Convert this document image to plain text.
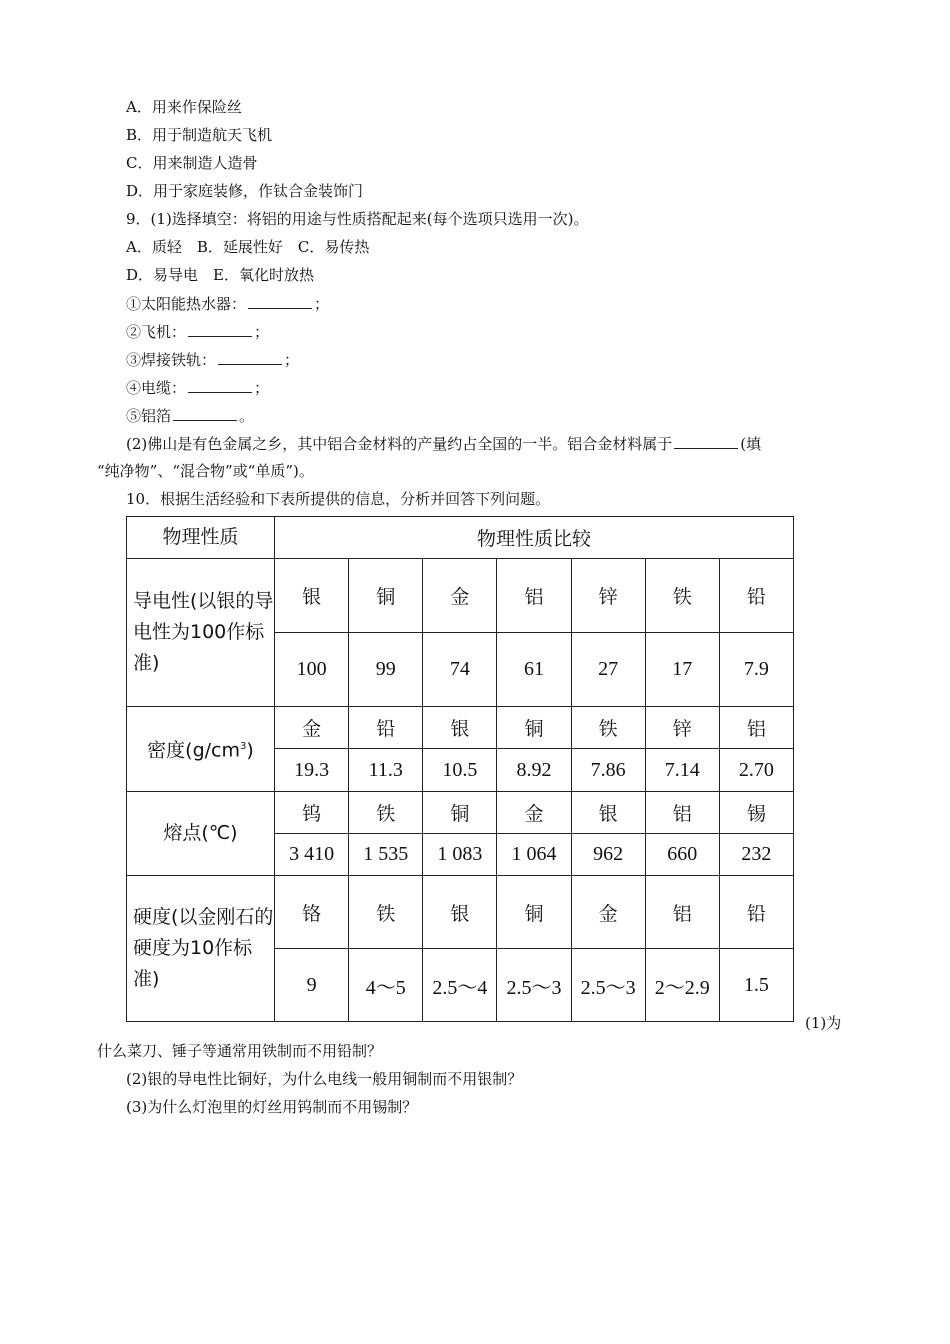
A．用来作保险丝
B．用于制造航天飞机
C．用来制造人造骨
D．用于家庭装修，作钛合金装饰门
9．(1)选择填空：将铝的用途与性质搭配起来(每个选项只选用一次)。
A．质轻　B．延展性好　C．易传热
D．易导电　E．氧化时放热
①太阳能热水器：	；
②飞机：	；
③焊接铁轨：	；
④电缆：	；
⑤铝箔	。
(2)佛山是有色金属之乡，其中铝合金材料的产量约占全国的一半。铝合金材料属于	(填
“纯净物”、“混合物”或“单质”)。
10．根据生活经验和下表所提供的信息，分析并回答下列问题。
物理性质	物理性质比较						
导电性(以银的导电性为100作标准)	银	铜	金	铝	锌	铁	铅
	100	99	74	61	27	17	7.9
密度$(g/cm^3)$	金	铅	银	铜	铁	锌	铝
	19.3	11.3	10.5	8.92	7.86	7.14	2.70
熔点(℃)	钨	铁	铜	金	银	铝	锡
	3 410	1 535	1 083	1 064	962	660	232
硬度(以金刚石的硬度为10作标准)	铬	铁	银	铜	金	铝	铅
	9	4～5	2.5～4	2.5～3	2.5～3	2～2.9	1.5
(1)为
什么菜刀、锤子等通常用铁制而不用铅制？
(2)银的导电性比铜好，为什么电线一般用铜制而不用银制？
(3)为什么灯泡里的灯丝用钨制而不用锡制？
